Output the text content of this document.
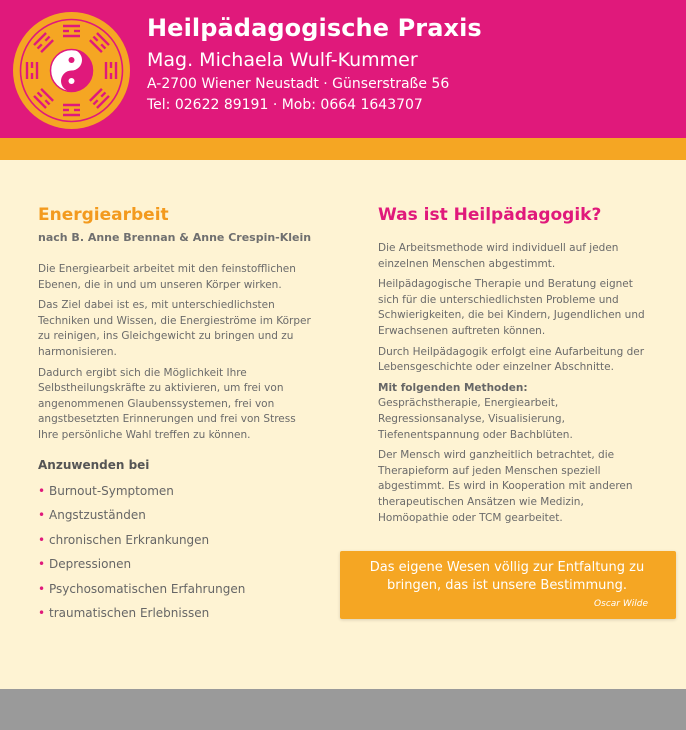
Heilpädagogische Praxis
Mag. Michaela Wulf-Kummer
A-2700 Wiener Neustadt · Günserstraße 56
Tel: 02622 89191 · Mob: 0664 1643707
Energiearbeit

nach B. Anne Brennan & Anne Crespin-Klein

Die Energiearbeit arbeitet mit den feinstofflichen Ebenen, die in und um unseren Körper wirken.

Das Ziel dabei ist es, mit unterschiedlichsten Techniken und Wissen, die Energieströme im Körper zu reinigen, ins Gleichgewicht zu bringen und zu harmonisieren.

Dadurch ergibt sich die Möglichkeit Ihre Selbstheilungskräfte zu aktivieren, um frei von angenommenen Glaubenssystemen, frei von angstbesetzten Erinnerungen und frei von Stress Ihre persönliche Wahl treffen zu können.

Anzuwenden bei

• Burnout-Symptomen
• Angstzuständen
• chronischen Erkrankungen
• Depressionen
• Psychosomatischen Erfahrungen
• traumatischen Erlebnissen
Was ist Heilpädagogik?

Die Arbeitsmethode wird individuell auf jeden einzelnen Menschen abgestimmt.

Heilpädagogische Therapie und Beratung eignet sich für die unterschiedlichsten Probleme und Schwierigkeiten, die bei Kindern, Jugendlichen und Erwachsenen auftreten können.

Durch Heilpädagogik erfolgt eine Aufarbeitung der Lebensgeschichte oder einzelner Abschnitte.

Mit folgenden Methoden:

Gesprächstherapie, Energiearbeit, Regressionsanalyse, Visualisierung, Tiefenentspannung oder Bachblüten.

Der Mensch wird ganzheitlich betrachtet, die Therapieform auf jeden Menschen speziell abgestimmt. Es wird in Kooperation mit anderen therapeutischen Ansätzen wie Medizin, Homöopathie oder TCM gearbeitet.

Das eigene Wesen völlig zur Entfaltung zu bringen, das ist unsere Bestimmung.
Oscar Wilde
